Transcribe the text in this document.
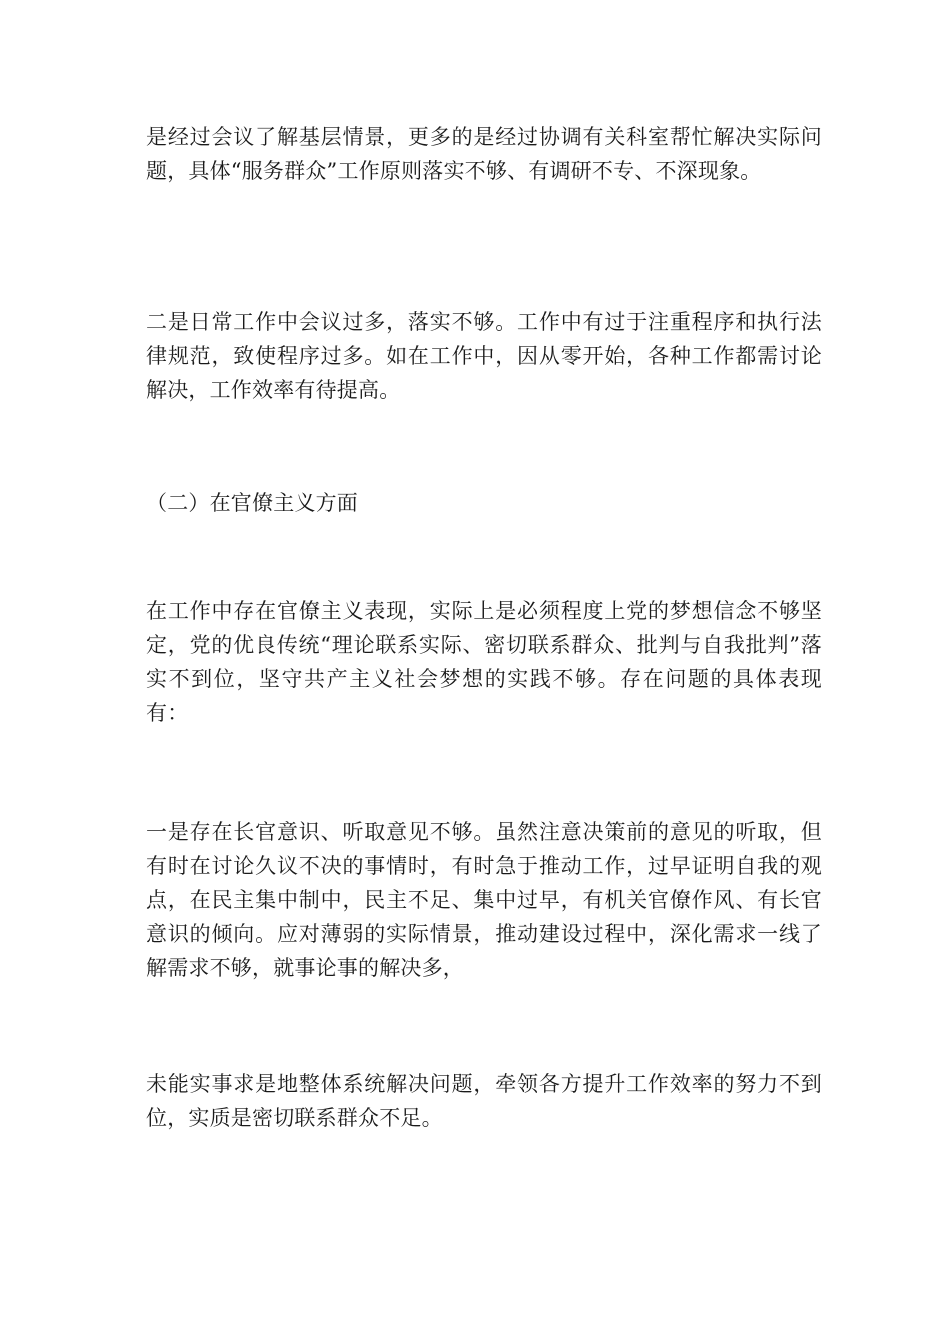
是经过会议了解基层情景，更多的是经过协调有关科室帮忙解决实际问题，具体“服务群众”工作原则落实不够、有调研不专、不深现象。

二是日常工作中会议过多，落实不够。工作中有过于注重程序和执行法律规范，致使程序过多。如在工作中，因从零开始，各种工作都需讨论解决，工作效率有待提高。

（二）在官僚主义方面

在工作中存在官僚主义表现，实际上是必须程度上党的梦想信念不够坚定，党的优良传统“理论联系实际、密切联系群众、批判与自我批判”落实不到位，坚守共产主义社会梦想的实践不够。存在问题的具体表现有：

一是存在长官意识、听取意见不够。虽然注意决策前的意见的听取，但有时在讨论久议不决的事情时，有时急于推动工作，过早证明自我的观点，在民主集中制中，民主不足、集中过早，有机关官僚作风、有长官意识的倾向。应对薄弱的实际情景，推动建设过程中，深化需求一线了解需求不够，就事论事的解决多，

未能实事求是地整体系统解决问题，牵领各方提升工作效率的努力不到位，实质是密切联系群众不足。
